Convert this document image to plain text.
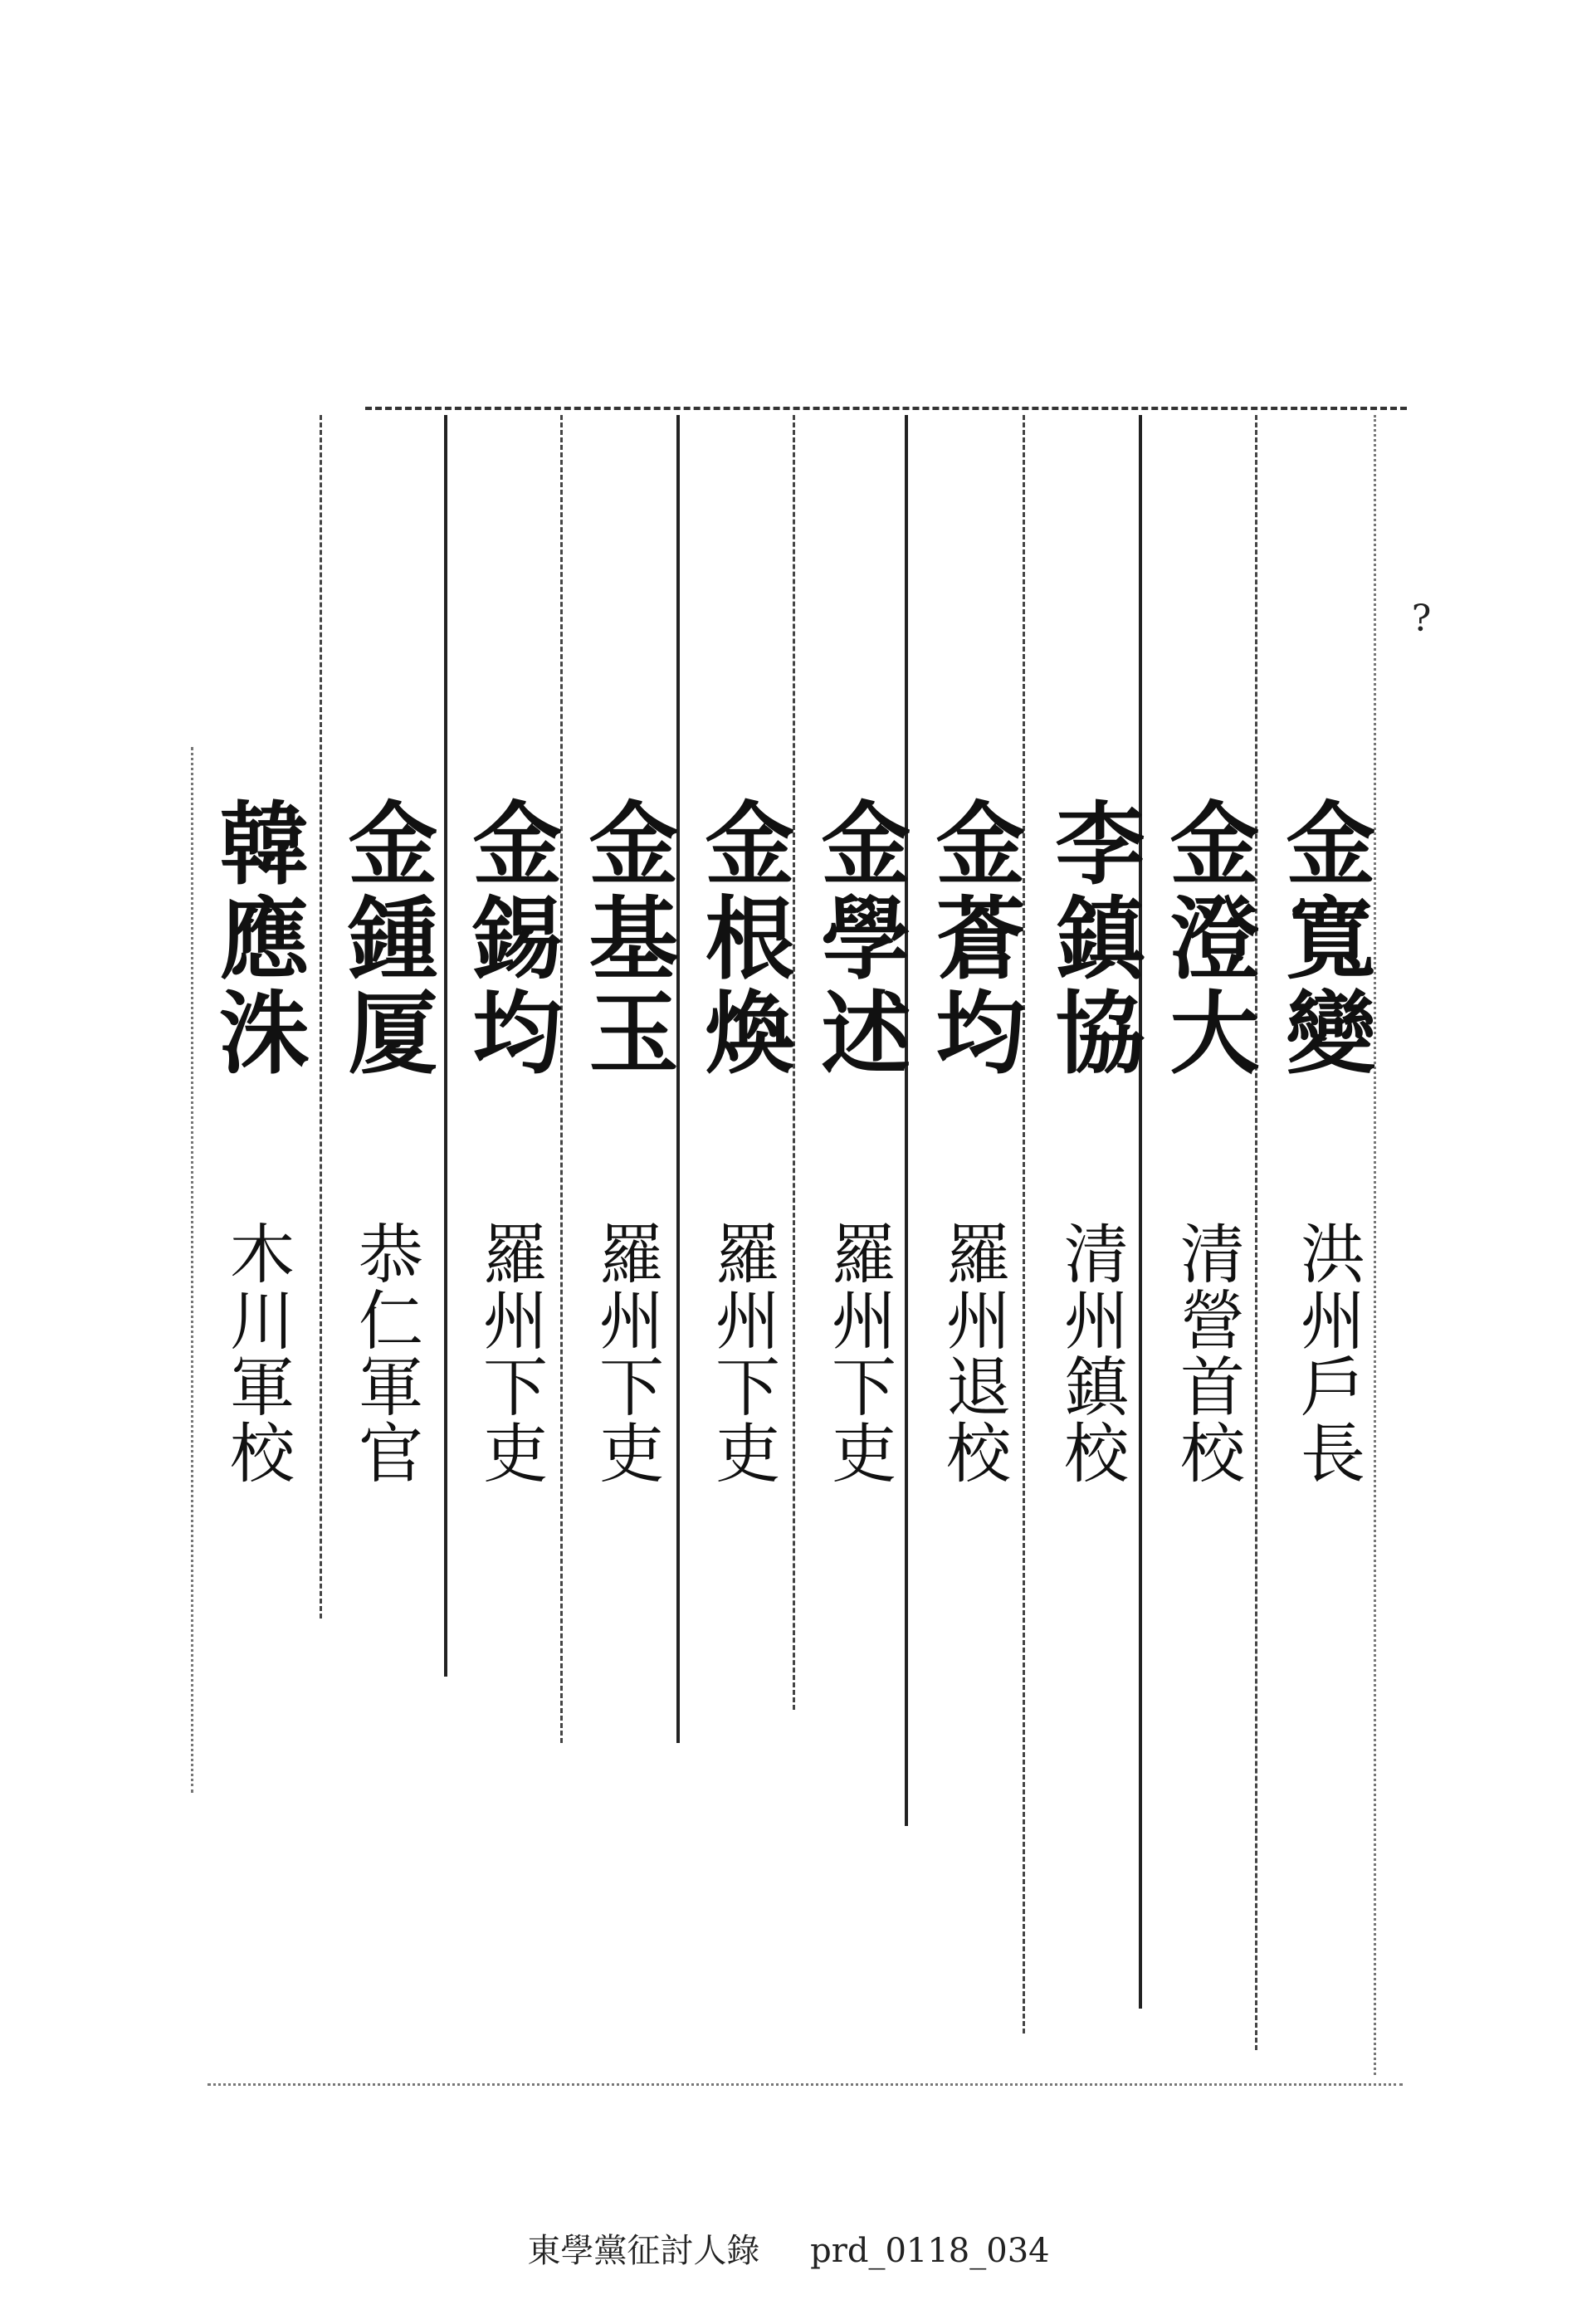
?
金寬變
洪州戶長
金澄大
清營首校
李鎮協
清州鎮校
金蒼均
羅州退校
金學述
羅州下吏
金根煥
羅州下吏
金基玉
羅州下吏
金錫均
羅州下吏
金鍾厦
恭仁軍官
韓應洙
木川軍校
東學黨征討人錄 prd_0118_034
